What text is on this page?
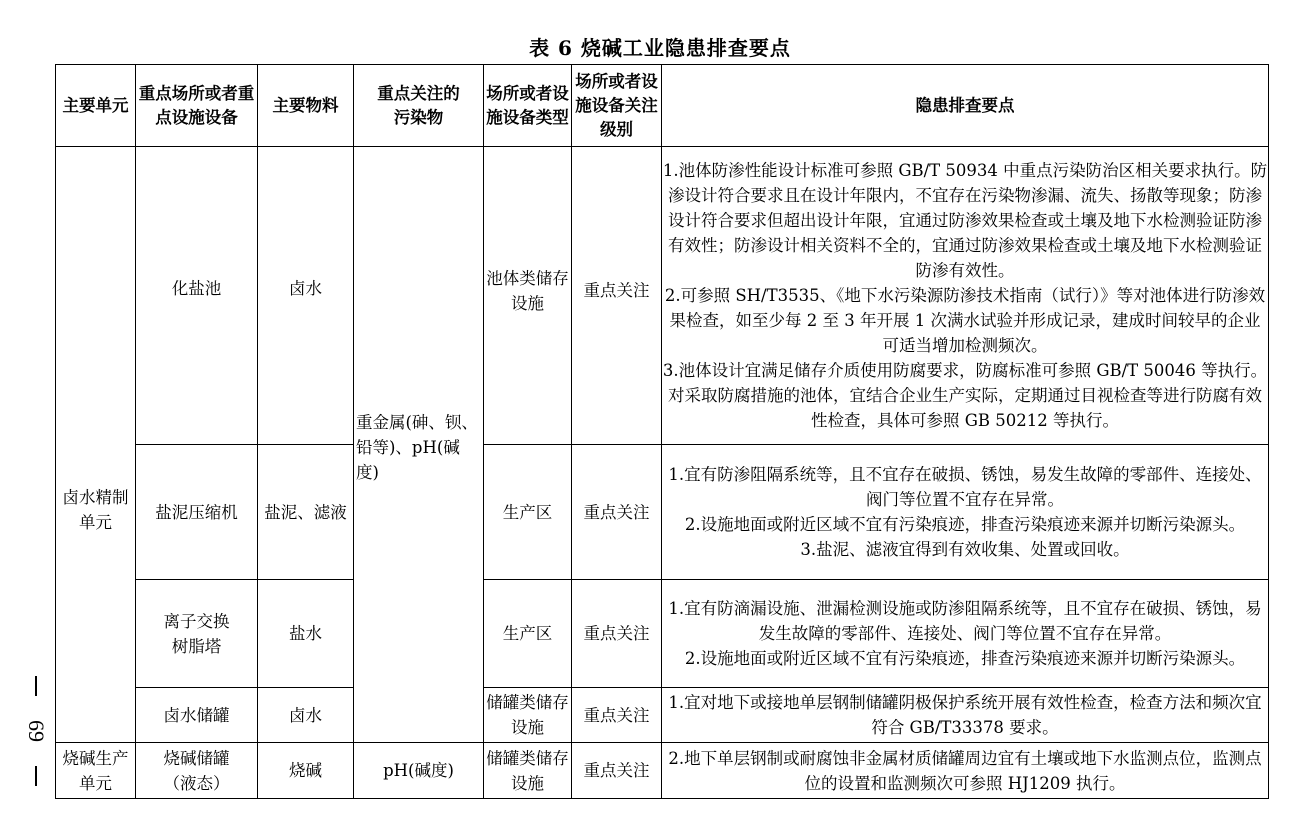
表 6 烧碱工业隐患排查要点
69
主要单元	重点场所或者重点设施设备	主要物料	重点关注的污染物	场所或者设施设备类型	场所或者设施设备关注级别	隐患排查要点
卤水精制单元	化盐池	卤水	重金属(砷、钡、铅等)、pH(碱度)	池体类储存设施	重点关注	1.池体防渗性能设计标准可参照 GB/T 50934 中重点污染防治区相关要求执行。防渗设计符合要求且在设计年限内，不宜存在污染物渗漏、流失、扬散等现象；防渗设计符合要求但超出设计年限，宜通过防渗效果检查或土壤及地下水检测验证防渗有效性；防渗设计相关资料不全的，宜通过防渗效果检查或土壤及地下水检测验证防渗有效性。

2.可参照 SH/T3535、《地下水污染源防渗技术指南（试行）》等对池体进行防渗效果检查，如至少每 2 至 3 年开展 1 次满水试验并形成记录，建成时间较早的企业可适当增加检测频次。

3.池体设计宜满足储存介质使用防腐要求，防腐标准可参照 GB/T 50046 等执行。对采取防腐措施的池体，宜结合企业生产实际，定期通过目视检查等进行防腐有效性检查，具体可参照 GB 50212 等执行。

	盐泥压缩机	盐泥、滤液		生产区	重点关注	1.宜有防渗阻隔系统等，且不宜存在破损、锈蚀，易发生故障的零部件、连接处、阀门等位置不宜存在异常。

2.设施地面或附近区域不宜有污染痕迹，排查污染痕迹来源并切断污染源头。

3.盐泥、滤液宜得到有效收集、处置或回收。

	离子交换树脂塔	盐水		生产区	重点关注	1.宜有防滴漏设施、泄漏检测设施或防渗阻隔系统等，且不宜存在破损、锈蚀，易发生故障的零部件、连接处、阀门等位置不宜存在异常。

2.设施地面或附近区域不宜有污染痕迹，排查污染痕迹来源并切断污染源头。

	卤水储罐	卤水		储罐类储存设施	重点关注	1.宜对地下或接地单层钢制储罐阴极保护系统开展有效性检查，检查方法和频次宜符合 GB/T33378 要求。

烧碱生产单元	烧碱储罐（液态）	烧碱	pH(碱度)	储罐类储存设施	重点关注	2.地下单层钢制或耐腐蚀非金属材质储罐周边宜有土壤或地下水监测点位，监测点位的设置和监测频次可参照 HJ1209 执行。
